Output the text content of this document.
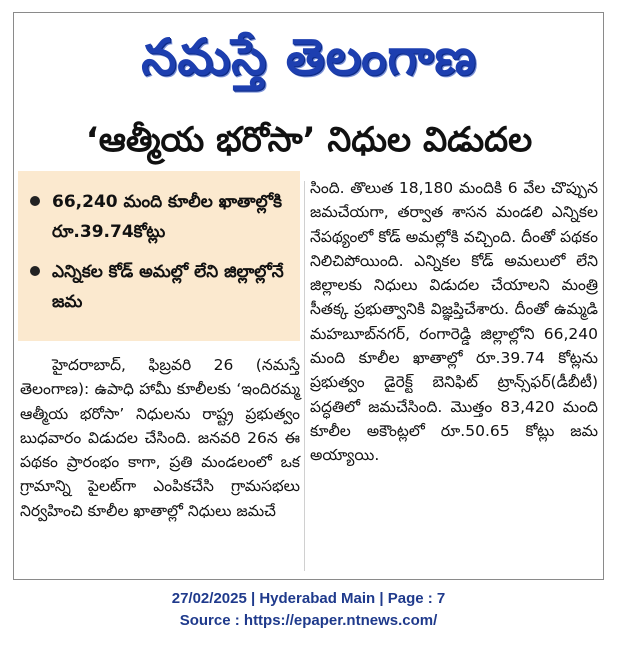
నమస్తే తెలంగాణ
‘ఆత్మీయ భరోసా’ నిధుల విడుదల
66,240 మంది కూలీల ఖాతాల్లోకి రూ.39.74కోట్లు
ఎన్నికల కోడ్ అమల్లో లేని జిల్లాల్లోనే జమ
హైదరాబాద్, ఫిబ్రవరి 26 (నమస్తే తెలంగాణ): ఉపాధి హామీ కూలీలకు ‘ఇందిరమ్మ ఆత్మీయ భరోసా’ నిధులను రాష్ట్ర ప్రభుత్వం బుధవారం విడుదల చేసింది. జనవరి 26న ఈ పథకం ప్రారంభం కాగా, ప్రతి మండలంలో ఒక గ్రామాన్ని పైలట్‌గా ఎంపికచేసి గ్రామసభలు నిర్వహించి కూలీల ఖాతాల్లో నిధులు జమచే
సింది. తొలుత 18,180 మందికి 6 వేల చొప్పున జమచేయగా, తర్వాత శాసన మండలి ఎన్నికల నేపథ్యంలో కోడ్ అమల్లోకి వచ్చింది. దీంతో పథకం నిలిచిపోయింది. ఎన్నికల కోడ్ అమలులో లేని జిల్లాలకు నిధులు విడుదల చేయాలని మంత్రి సీతక్క ప్రభుత్వానికి విజ్ఞప్తిచేశారు. దీంతో ఉమ్మడి మహబూబ్‌నగర్, రంగారెడ్డి జిల్లాల్లోని 66,240 మంది కూలీల ఖాతాల్లో రూ.39.74 కోట్లను ప్రభుత్వం డైరెక్ట్ బెనిఫిట్ ట్రాన్స్‌ఫర్(డీబీటీ) పద్ధతిలో జమచేసింది. మొత్తం 83,420 మంది కూలీల అకౌంట్లలో రూ.50.65 కోట్లు జమ అయ్యాయి.
27/02/2025 | Hyderabad Main | Page : 7
Source : https://epaper.ntnews.com/
